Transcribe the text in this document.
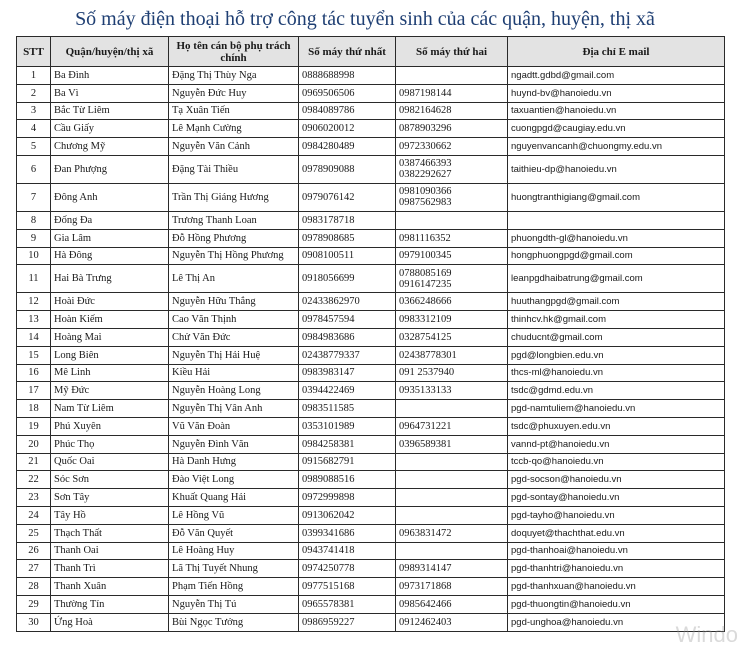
Số máy điện thoại hỗ trợ công tác tuyển sinh của các quận, huyện, thị xã
STT	Quận/huyện/thị xã	Họ tên cán bộ phụ trách chính	Số máy thứ nhất	Số máy thứ hai	Địa chỉ E mail
1	Ba Đình	Đặng Thị Thùy Nga	0888688998		ngadtt.gdbd@gmail.com
2	Ba Vì	Nguyễn Đức Huy	0969506506	0987198144	huynd-bv@hanoiedu.vn
3	Bắc Từ Liêm	Tạ Xuân Tiến	0984089786	0982164628	taxuantien@hanoiedu.vn
4	Cầu Giấy	Lê Mạnh Cường	0906020012	0878903296	cuongpgd@caugiay.edu.vn
5	Chương Mỹ	Nguyễn Văn Cảnh	0984280489	0972330662	nguyenvancanh@chuongmy.edu.vn
6	Đan Phượng	Đặng Tài Thiều	0978909088	0387466393
0382292627	taithieu-dp@hanoiedu.vn
7	Đông Anh	Trần Thị Giáng Hương	0979076142	0981090366
0987562983	huongtranthigiang@gmail.com
8	Đống Đa	Trương Thanh Loan	0983178718		
9	Gia Lâm	Đỗ Hồng Phương	0978908685	0981116352	phuongdth-gl@hanoiedu.vn
10	Hà Đông	Nguyễn Thị Hồng Phương	0908100511	0979100345	hongphuongpgd@gmail.com
11	Hai Bà Trưng	Lê Thị An	0918056699	0788085169
0916147235	leanpgdhaibatrung@gmail.com
12	Hoài Đức	Nguyễn Hữu Thắng	02433862970	0366248666	huuthangpgd@gmail.com
13	Hoàn Kiếm	Cao Văn Thịnh	0978457594	0983312109	thinhcv.hk@gmail.com
14	Hoàng Mai	Chử Văn Đức	0984983686	0328754125	chuducnt@gmail.com
15	Long Biên	Nguyễn Thị Hải Huệ	02438779337	02438778301	pgd@longbien.edu.vn
16	Mê Linh	Kiều Hải	0983983147	091 2537940	thcs-ml@hanoiedu.vn
17	Mỹ Đức	Nguyễn Hoàng Long	0394422469	0935133133	tsdc@gdmd.edu.vn
18	Nam Từ Liêm	Nguyễn Thị Vân Anh	0983511585		pgd-namtuliem@hanoiedu.vn
19	Phú Xuyên	Vũ Văn Đoàn	0353101989	0964731221	tsdc@phuxuyen.edu.vn
20	Phúc Thọ	Nguyễn Đình Văn	0984258381	0396589381	vannd-pt@hanoiedu.vn
21	Quốc Oai	Hà Danh Hưng	0915682791		tccb-qo@hanoiedu.vn
22	Sóc Sơn	Đào Việt Long	0989088516		pgd-socson@hanoiedu.vn
23	Sơn Tây	Khuất Quang Hải	0972999898		pgd-sontay@hanoiedu.vn
24	Tây Hồ	Lê Hồng Vũ	0913062042		pgd-tayho@hanoiedu.vn
25	Thạch Thất	Đỗ Văn Quyết	0399341686	0963831472	doquyet@thachthat.edu.vn
26	Thanh Oai	Lê Hoàng Huy	0943741418		pgd-thanhoai@hanoiedu.vn
27	Thanh Trì	Lã Thị Tuyết Nhung	0974250778	0989314147	pgd-thanhtri@hanoiedu.vn
28	Thanh Xuân	Phạm Tiến Hồng	0977515168	0973171868	pgd-thanhxuan@hanoiedu.vn
29	Thường Tín	Nguyễn Thị Tú	0965578381	0985642466	pgd-thuongtin@hanoiedu.vn
30	Ứng Hoà	Bùi Ngọc Tưởng	0986959227	0912462403	pgd-unghoa@hanoiedu.vn Windo
